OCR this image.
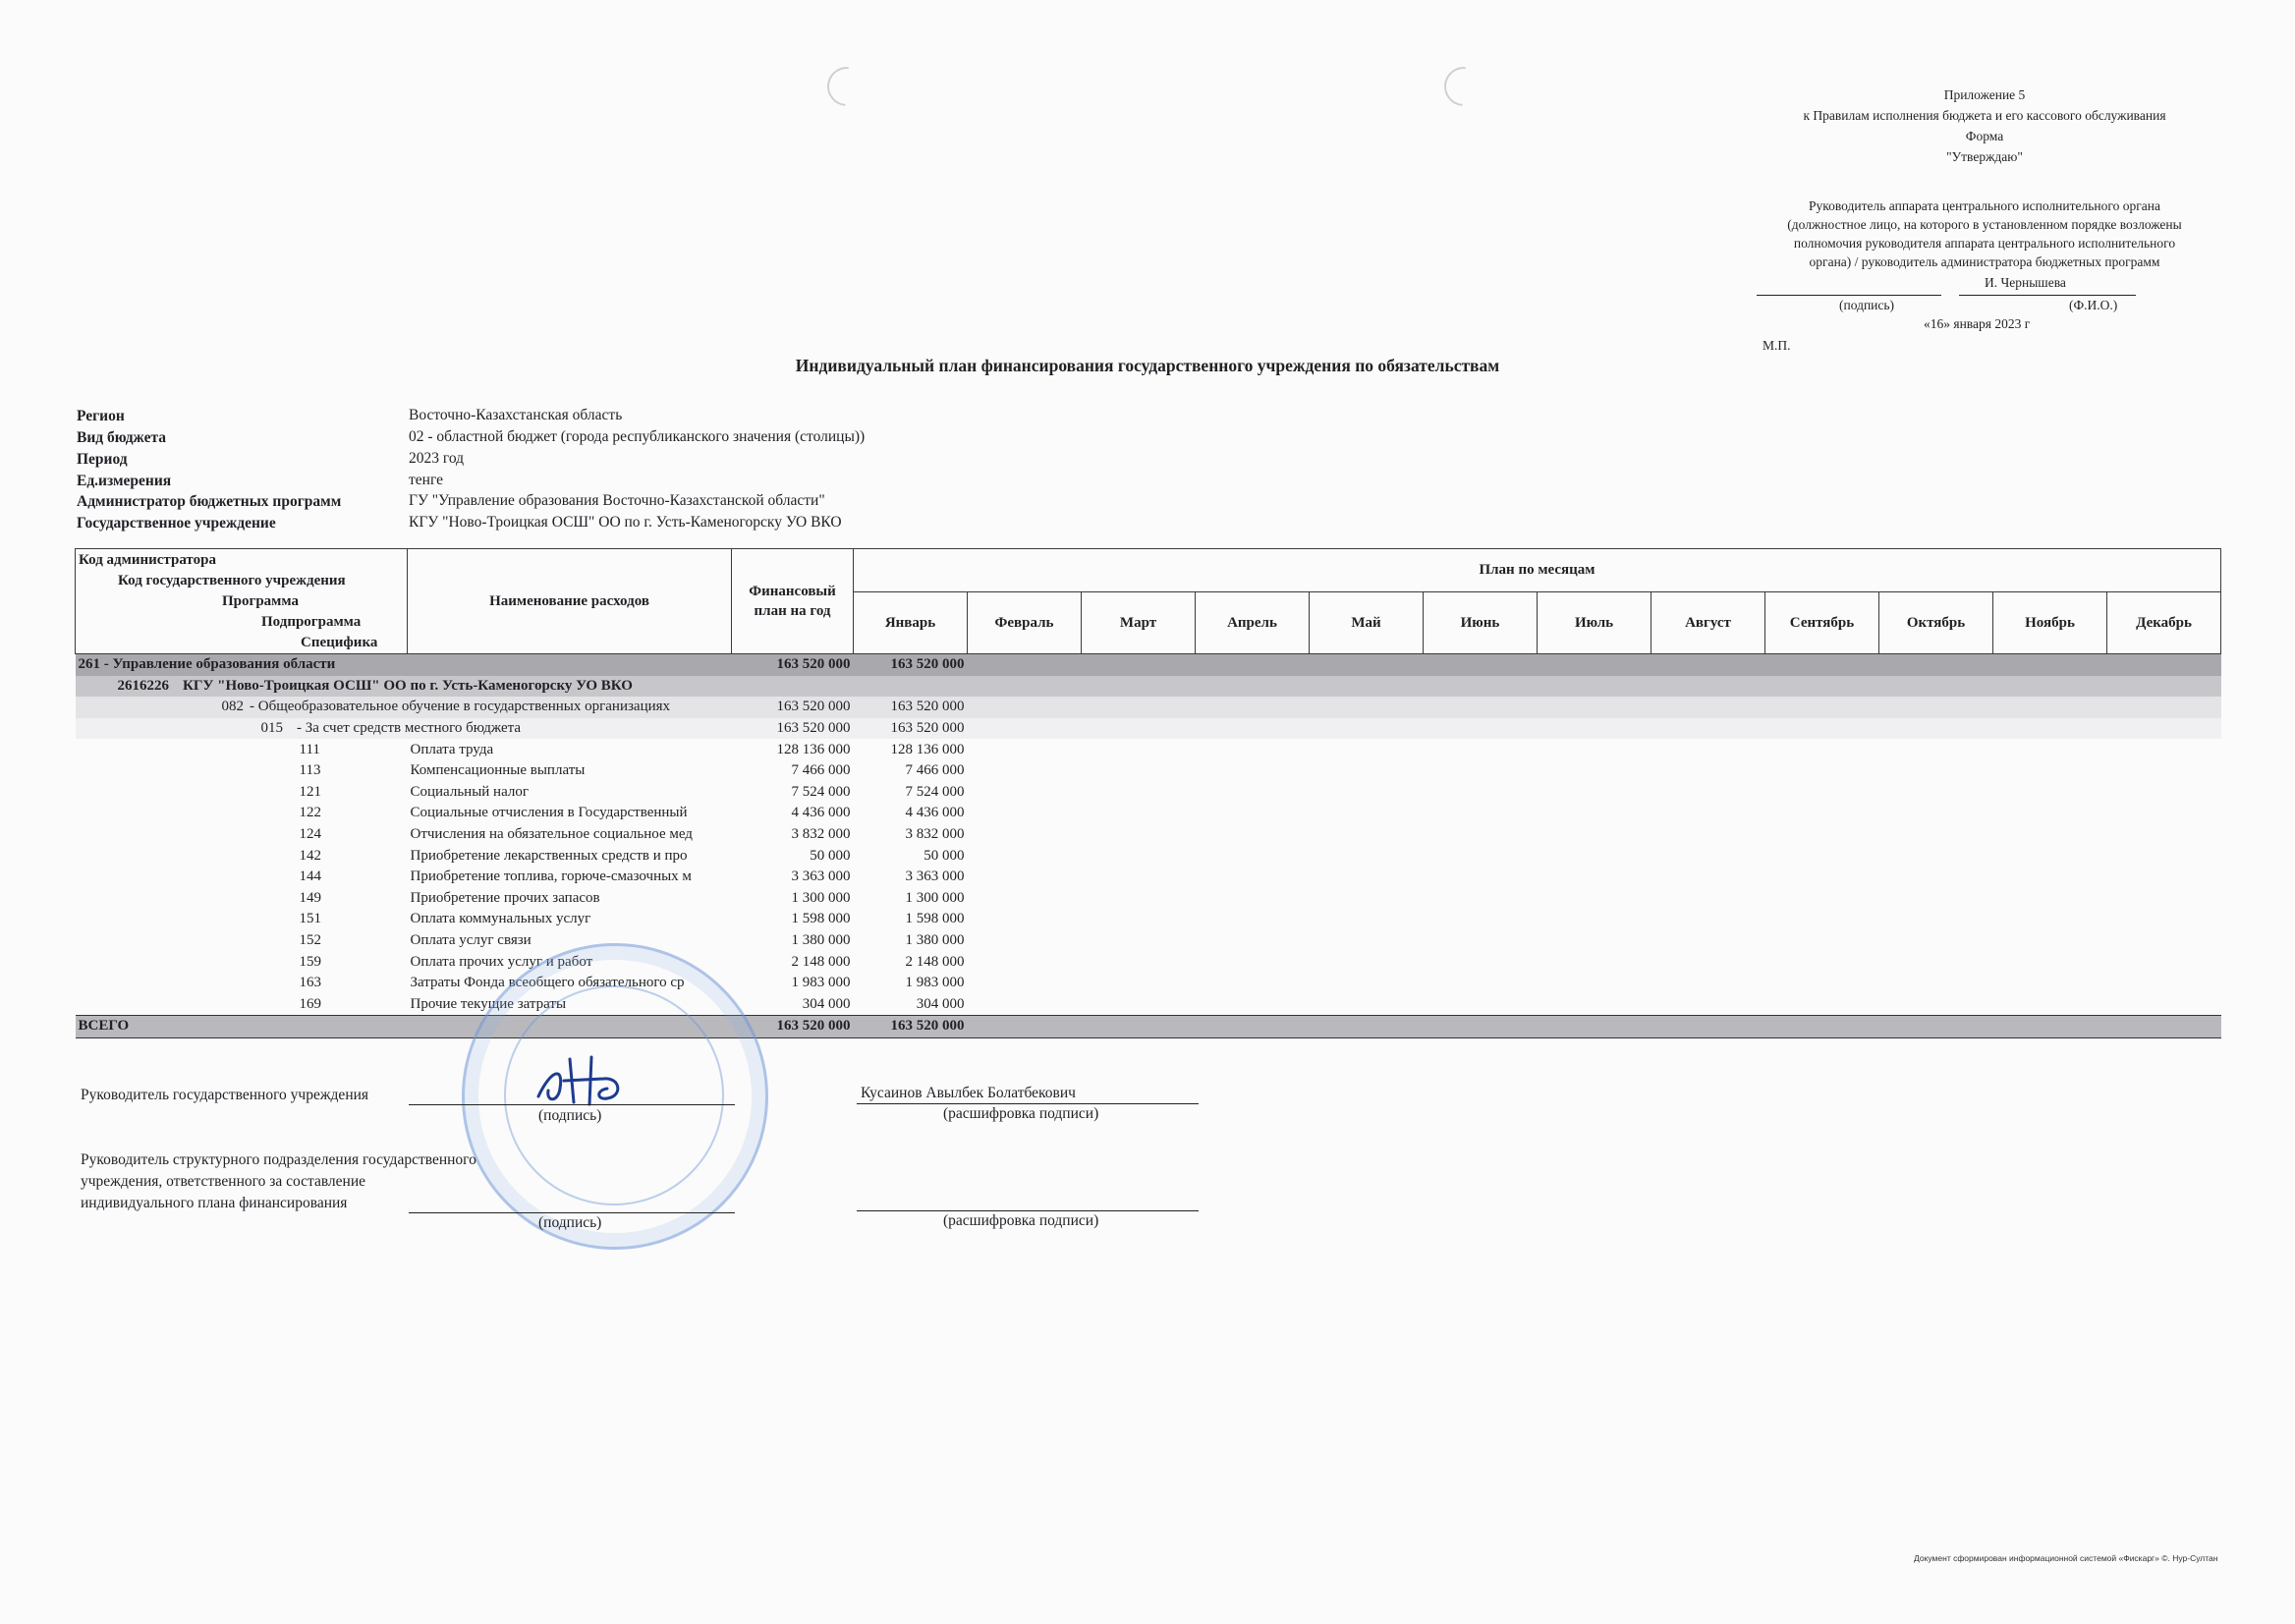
Приложение 5
к Правилам исполнения бюджета и его кассового обслуживания
Форма
"Утверждаю"
Руководитель аппарата центрального исполнительного органа
(должностное лицо, на которого в установленном порядке возложены
полномочия руководителя аппарата центрального исполнительного
органа) / руководитель администратора бюджетных программ
И. Чернышева
(подпись)	(Ф.И.О.)
«16» января 2023 г
М.П.
Индивидуальный план финансирования государственного учреждения по обязательствам
Регион	Восточно-Казахстанская область
Вид бюджета	02 - областной бюджет (города республиканского значения (столицы))
Период	2023 год
Ед.измерения	тенге
Администратор бюджетных программ	ГУ "Управление образования Восточно-Казахстанской области"
Государственное учреждение	КГУ "Ново-Троицкая ОСШ" ОО по г. Усть-Каменогорску УО ВКО
Код администратора
Код государственного учреждения
Программа
Подпрограмма
Специфика	Наименование расходов	Финансовый план на год	План по месяцам											
			Январь	Февраль	Март	Апрель	Май	Июнь	Июль	Август	Сентябрь	Октябрь	Ноябрь	Декабрь
261 - Управление образования области		163 520 000	163 520 000											
2616226 КГУ "Ново-Троицкая ОСШ" ОО по г. Усть-Каменогорску УО ВКО														
082 - Общеобразовательное обучение в государственных организациях		163 520 000	163 520 000											
015 - За счет средств местного бюджета		163 520 000	163 520 000											
111	Оплата труда	128 136 000	128 136 000											
113	Компенсационные выплаты	7 466 000	7 466 000											
121	Социальный налог	7 524 000	7 524 000											
122	Социальные отчисления в Государственный	4 436 000	4 436 000											
124	Отчисления на обязательное социальное мед	3 832 000	3 832 000											
142	Приобретение лекарственных средств и про	50 000	50 000											
144	Приобретение топлива, горюче-смазочных м	3 363 000	3 363 000											
149	Приобретение прочих запасов	1 300 000	1 300 000											
151	Оплата коммунальных услуг	1 598 000	1 598 000											
152	Оплата услуг связи	1 380 000	1 380 000											
159	Оплата прочих услуг и работ	2 148 000	2 148 000											
163	Затраты Фонда всеобщего обязательного ср	1 983 000	1 983 000											
169	Прочие текущие затраты	304 000	304 000											
ВСЕГО		163 520 000	163 520 000											
Руководитель государственного учреждения
(подпись)
Кусаинов Авылбек Болатбекович
(расшифровка подписи)
Руководитель структурного подразделения государственного
учреждения, ответственного за составление
индивидуального плана финансирования
(подпись)	(расшифровка подписи)
Документ сформирован информационной системой «Фискарг» ©. Нур-Султан
